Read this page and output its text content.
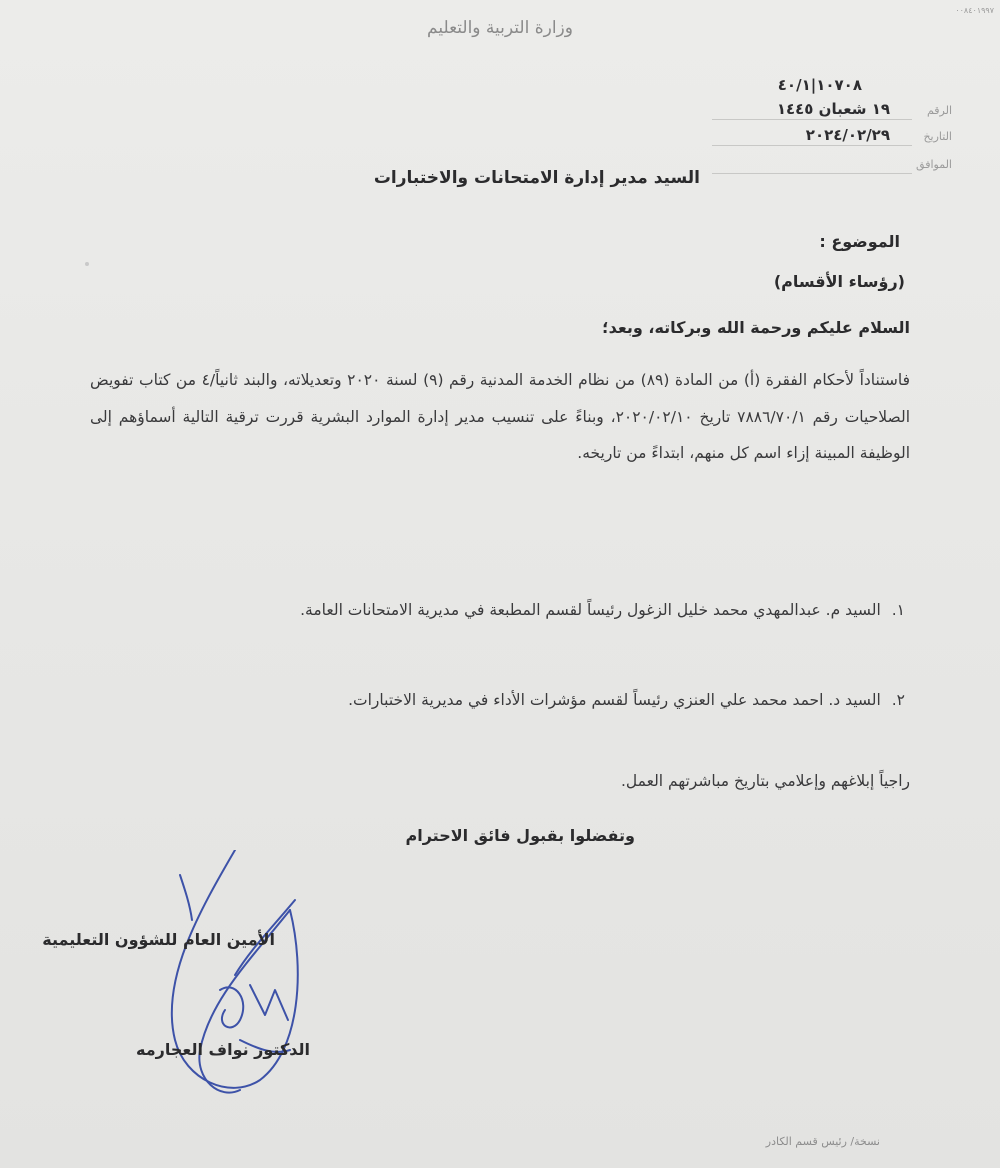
٠٠٨٤٠١٩٩٧
وزارة التربية والتعليم
١٠٧٠٨|٤٠/١
الرقم
١٩ شعبان ١٤٤٥
التاريخ
٢٠٢٤/٠٢/٢٩
الموافق
السيد مدير إدارة الامتحانات والاختبارات
الموضوع :
(رؤساء الأقسام)
السلام عليكم ورحمة الله وبركاته، وبعد؛
فاستناداً لأحكام الفقرة (أ) من المادة (٨٩) من نظام الخدمة المدنية رقم (٩) لسنة ٢٠٢٠ وتعديلاته، والبند ثانياً/٤ من كتاب تفويض الصلاحيات رقم ٧٨٨٦/٧٠/١ تاريخ ٢٠٢٠/٠٢/١٠، وبناءً على تنسيب مدير إدارة الموارد البشرية قررت ترقية التالية أسماؤهم إلى الوظيفة المبينة إزاء اسم كل منهم، ابتداءً من تاريخه.
١. السيد م. عبدالمهدي محمد خليل الزغول رئيساً لقسم المطبعة في مديرية الامتحانات العامة.
٢. السيد د. احمد محمد علي العنزي رئيساً لقسم مؤشرات الأداء في مديرية الاختبارات.
راجياً إبلاغهم وإعلامي بتاريخ مباشرتهم العمل.
وتفضلوا بقبول فائق الاحترام
الأمين العام للشؤون التعليمية
الدكتور نواف العجارمه
نسخة/ رئيس قسم الكادر
